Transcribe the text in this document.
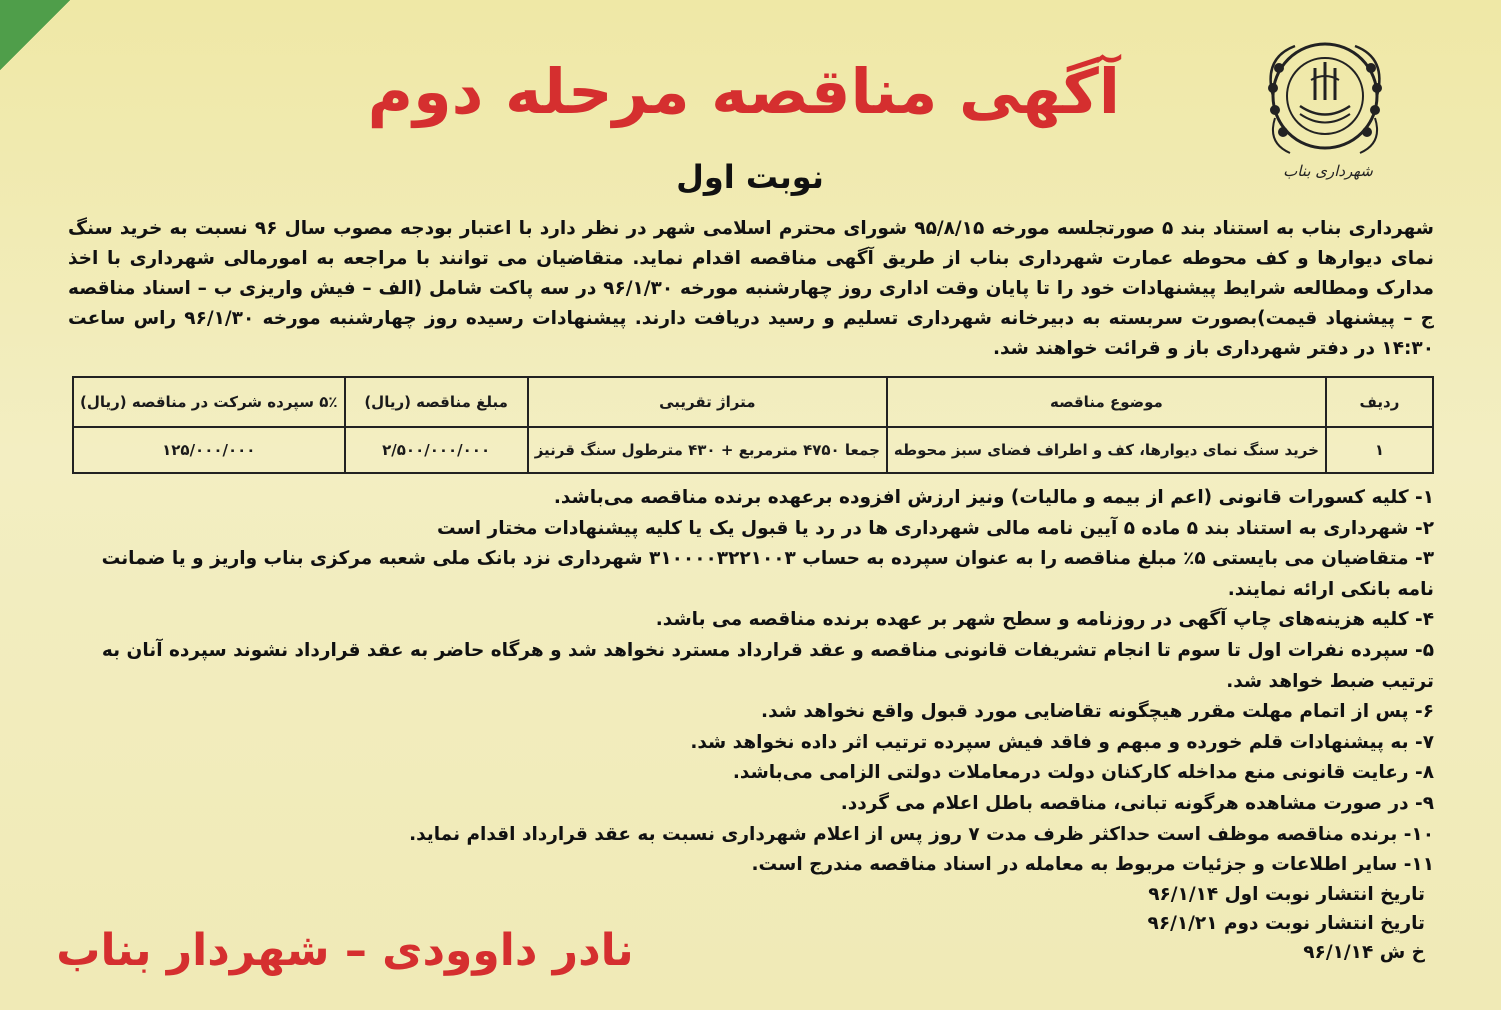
شهرداری بناب
آگهی مناقصه مرحله دوم
نوبت اول
شهرداری بناب به استناد بند ۵ صورتجلسه مورخه ۹۵/۸/۱۵ شورای محترم اسلامی شهر در نظر دارد با اعتبار بودجه مصوب سال ۹۶ نسبت به خرید سنگ نمای دیوارها و کف محوطه عمارت شهرداری بناب از طریق آگهی مناقصه اقدام نماید. متقاضیان می توانند با مراجعه به امورمالی شهرداری با اخذ مدارک ومطالعه شرایط پیشنهادات خود را تا پایان وقت اداری روز چهارشنبه مورخه ۹۶/۱/۳۰ در سه پاکت شامل (الف – فیش واریزی ب – اسناد مناقصه ج – پیشنهاد قیمت)بصورت سربسته به دبیرخانه شهرداری تسلیم و رسید دریافت دارند. پیشنهادات رسیده روز چهارشنبه مورخه ۹۶/۱/۳۰ راس ساعت ۱۴:۳۰ در دفتر شهرداری باز و قرائت خواهند شد.
ردیف	موضوع مناقصه	متراژ تقریبی	مبلغ مناقصه (ریال)	۵٪ سپرده شرکت در مناقصه (ریال)
۱	خرید سنگ نمای دیوارها، کف و اطراف فضای سبز محوطه	جمعا ۴۷۵۰ مترمربع + ۴۳۰ مترطول سنگ قرنیز	۲/۵۰۰/۰۰۰/۰۰۰	۱۲۵/۰۰۰/۰۰۰
۱- کلیه کسورات قانونی (اعم از بیمه و مالیات) ونیز ارزش افزوده برعهده برنده مناقصه می‌باشد.
۲- شهرداری به استناد بند ۵ ماده ۵ آیین نامه مالی شهرداری ها در رد یا قبول یک یا کلیه پیشنهادات مختار است
۳- متقاضیان می بایستی ۵٪ مبلغ مناقصه را به عنوان سپرده به حساب ۳۱۰۰۰۰۳۲۲۱۰۰۳ شهرداری نزد بانک ملی شعبه مرکزی بناب واریز و یا ضمانت نامه بانکی ارائه نمایند.
۴- کلیه هزینه‌های چاپ آگهی در روزنامه و سطح شهر بر عهده برنده مناقصه می باشد.
۵- سپرده نفرات اول تا سوم تا انجام تشریفات قانونی مناقصه و عقد قرارداد مسترد نخواهد شد و هرگاه حاضر به عقد قرارداد نشوند سپرده آنان به ترتیب ضبط خواهد شد.
۶- پس از اتمام مهلت مقرر هیچگونه تقاضایی مورد قبول واقع نخواهد شد.
۷- به پیشنهادات قلم خورده و مبهم و فاقد فیش سپرده ترتیب اثر داده نخواهد شد.
۸- رعایت قانونی منع مداخله کارکنان دولت درمعاملات دولتی الزامی می‌باشد.
۹- در صورت مشاهده هرگونه تبانی، مناقصه باطل اعلام می گردد.
۱۰- برنده مناقصه موظف است حداکثر ظرف مدت ۷ روز پس از اعلام شهرداری نسبت به عقد قرارداد اقدام نماید.
۱۱- سایر اطلاعات و جزئیات مربوط به معامله در اسناد مناقصه مندرج است.
تاریخ انتشار نوبت اول ۹۶/۱/۱۴
تاریخ انتشار نوبت دوم ۹۶/۱/۲۱
خ ش ۹۶/۱/۱۴
نادر داوودی – شهردار بناب
